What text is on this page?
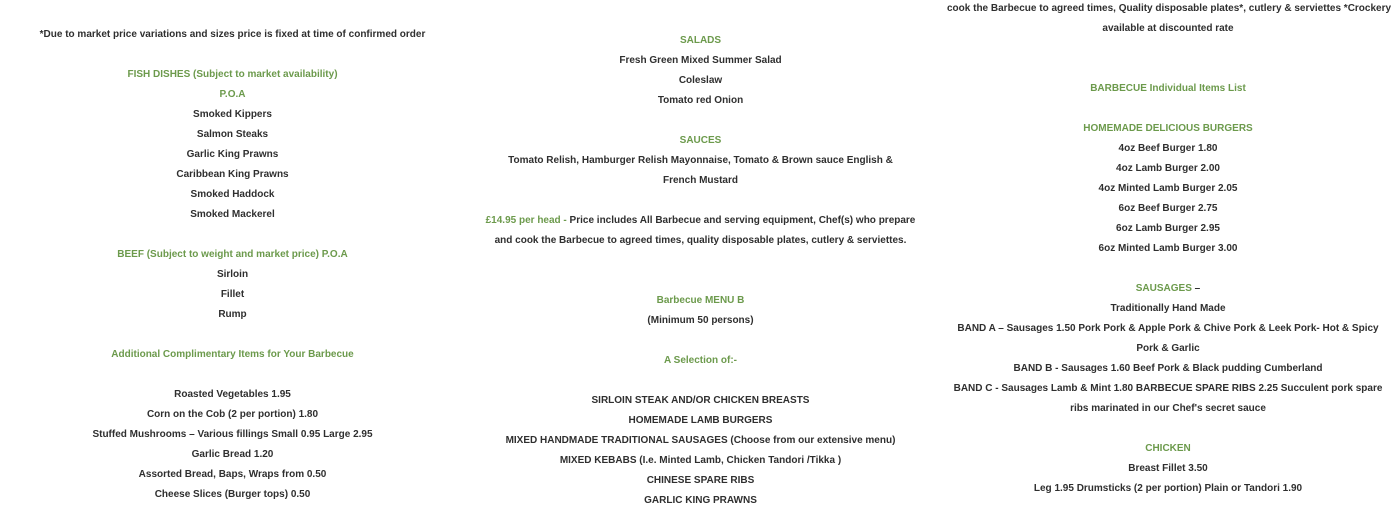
*Due to market price variations and sizes price is fixed at time of confirmed order
FISH DISHES (Subject to market availability)
P.O.A
Smoked Kippers
Salmon Steaks
Garlic King Prawns
Caribbean King Prawns
Smoked Haddock
Smoked Mackerel
BEEF (Subject to weight and market price) P.O.A
Sirloin
Fillet
Rump
Additional Complimentary Items for Your Barbecue
Roasted Vegetables 1.95
Corn on the Cob (2 per portion) 1.80
Stuffed Mushrooms – Various fillings Small 0.95 Large 2.95
Garlic Bread 1.20
Assorted Bread, Baps, Wraps from 0.50
Cheese Slices (Burger tops) 0.50
SALADS
Fresh Green Mixed Summer Salad
Coleslaw
Tomato red Onion
SAUCES
Tomato Relish, Hamburger Relish Mayonnaise, Tomato & Brown sauce English & French Mustard
£14.95 per head - Price includes All Barbecue and serving equipment, Chef(s) who prepare and cook the Barbecue to agreed times, quality disposable plates, cutlery & serviettes.
Barbecue MENU B
(Minimum 50 persons)
A Selection of:-
SIRLOIN STEAK AND/OR CHICKEN BREASTS
HOMEMADE LAMB BURGERS
MIXED HANDMADE TRADITIONAL SAUSAGES (Choose from our extensive menu)
MIXED KEBABS (I.e. Minted Lamb, Chicken Tandori /Tikka )
CHINESE SPARE RIBS
GARLIC KING PRAWNS
cook the Barbecue to agreed times, Quality disposable plates*, cutlery & serviettes *Crockery
available at discounted rate
BARBECUE Individual Items List
HOMEMADE DELICIOUS BURGERS
4oz Beef Burger 1.80
4oz Lamb Burger 2.00
4oz Minted Lamb Burger 2.05
6oz Beef Burger 2.75
6oz Lamb Burger 2.95
6oz Minted Lamb Burger 3.00
SAUSAGES –
Traditionally Hand Made
BAND A – Sausages 1.50 Pork Pork & Apple Pork & Chive Pork & Leek Pork- Hot & Spicy Pork & Garlic
BAND B - Sausages 1.60 Beef Pork & Black pudding Cumberland
BAND C - Sausages Lamb & Mint 1.80 BARBECUE SPARE RIBS 2.25 Succulent pork spare ribs marinated in our Chef's secret sauce
CHICKEN
Breast Fillet 3.50
Leg 1.95 Drumsticks (2 per portion) Plain or Tandori 1.90
